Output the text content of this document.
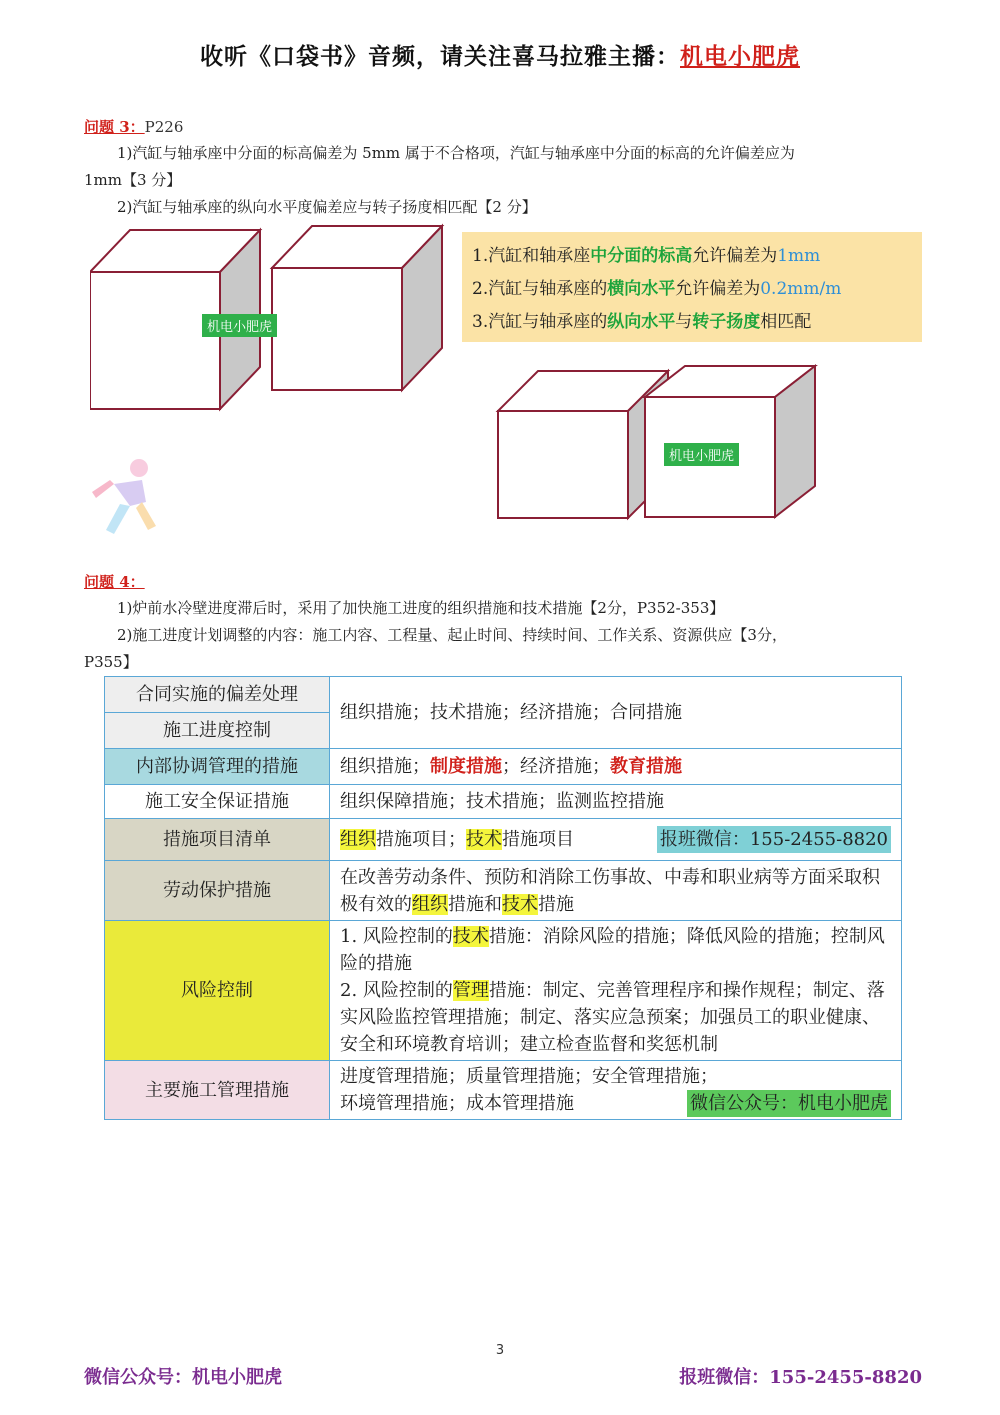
收听《口袋书》音频，请关注喜马拉雅主播：机电小肥虎
问题 3：P226
1)汽缸与轴承座中分面的标高偏差为 5mm 属于不合格项，汽缸与轴承座中分面的标高的允许偏差应为
1mm【3 分】
2)汽缸与轴承座的纵向水平度偏差应与转子扬度相匹配【2 分】
机电小肥虎
机电小肥虎
1.汽缸和轴承座中分面的标高允许偏差为1mm
2.汽缸与轴承座的横向水平允许偏差为0.2mm/m
3.汽缸与轴承座的纵向水平与转子扬度相匹配
问题 4：
1)炉前水冷壁进度滞后时，采用了加快施工进度的组织措施和技术措施【2分，P352-353】
2)施工进度计划调整的内容：施工内容、工程量、起止时间、持续时间、工作关系、资源供应【3分，
P355】
合同实施的偏差处理	组织措施；技术措施；经济措施；合同措施
施工进度控制	
内部协调管理的措施	组织措施；制度措施；经济措施；教育措施
施工安全保证措施	组织保障措施；技术措施；监测监控措施
措施项目清单	组织措施项目；技术措施项目 报班微信：155-2455-8820

劳动保护措施	在改善劳动条件、预防和消除工伤事故、中毒和职业病等方面采取积极有效的组织措施和技术措施
风险控制	1. 风险控制的技术措施：消除风险的措施；降低风险的措施；控制风险的措施
2. 风险控制的管理措施：制定、完善管理程序和操作规程；制定、落实风险监控管理措施；制定、落实应急预案；加强员工的职业健康、安全和环境教育培训；建立检查监督和奖惩机制

主要施工管理措施	进度管理措施；质量管理措施；安全管理措施；
环境管理措施；成本管理措施 微信公众号：机电小肥虎
3
微信公众号：机电小肥虎	报班微信：155-2455-8820
